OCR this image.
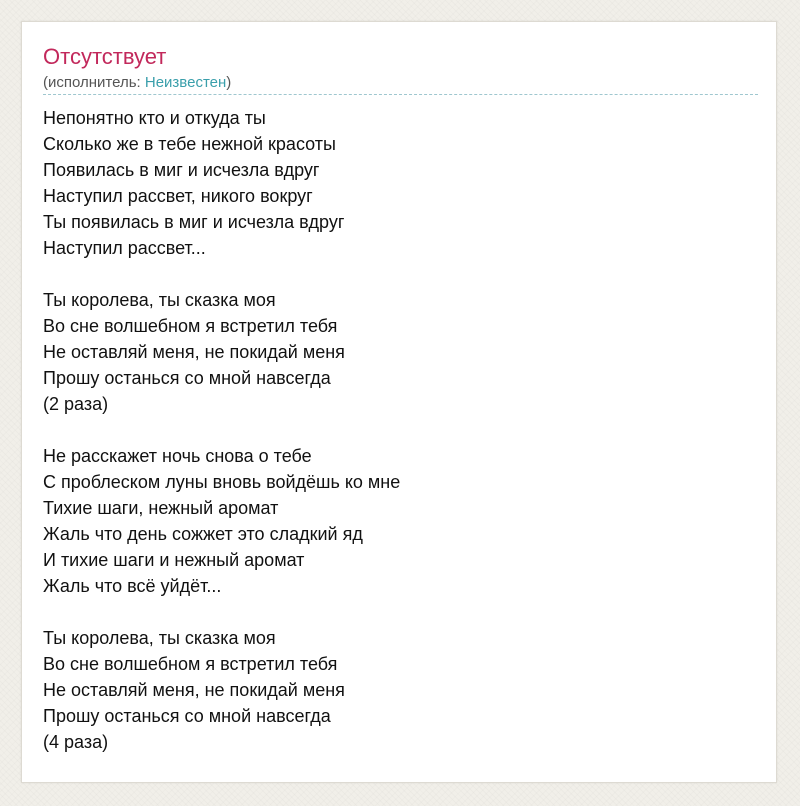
Отсутствует
(исполнитель: Неизвестен)
Непонятно кто и откуда ты
Сколько же в тебе нежной красоты
Появилась в миг и исчезла вдруг
Наступил рассвет, никого вокруг
Ты появилась в миг и исчезла вдруг
Наступил рассвет...
Ты королева, ты сказка моя
Во сне волшебном я встретил тебя
Не оставляй меня, не покидай меня
Прошу останься со мной навсегда
(2 раза)
Не расскажет ночь снова о тебе
С проблеском луны вновь войдёшь ко мне
Тихие шаги, нежный аромат
Жаль что день сожжет это сладкий яд
И тихие шаги и нежный аромат
Жаль что всё уйдёт...
Ты королева, ты сказка моя
Во сне волшебном я встретил тебя
Не оставляй меня, не покидай меня
Прошу останься со мной навсегда
(4 раза)
